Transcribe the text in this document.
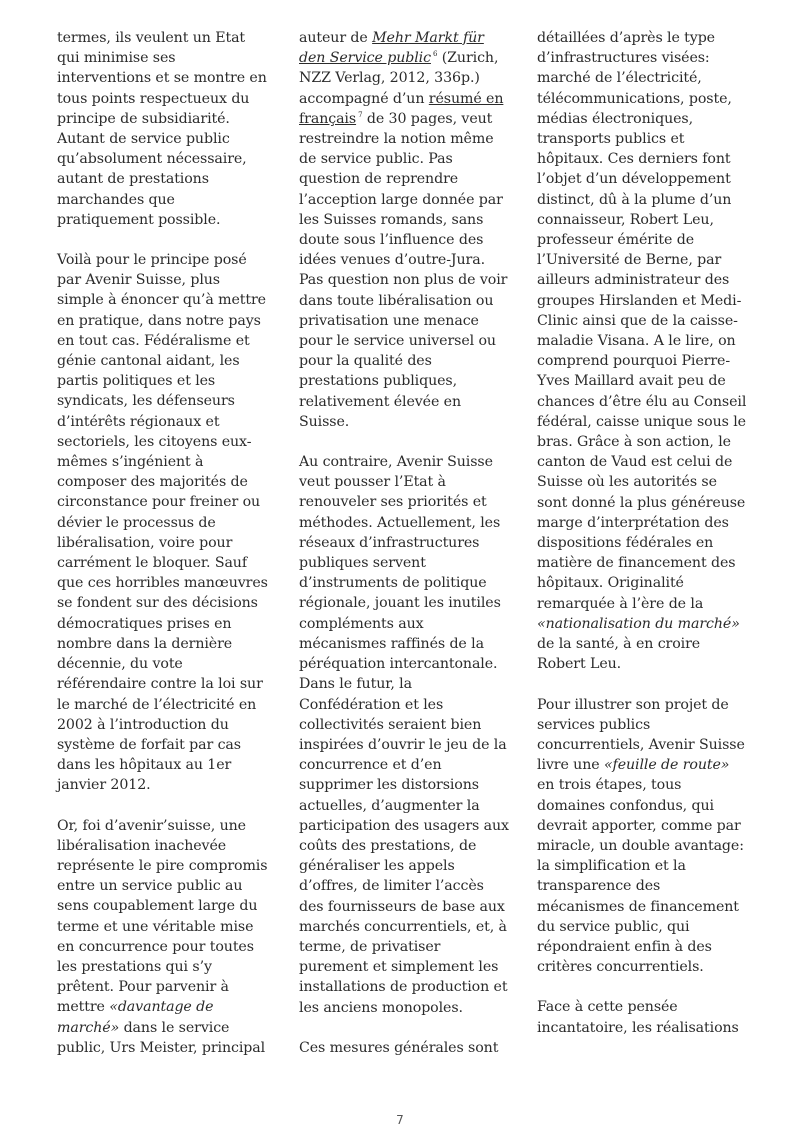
termes, ils veulent un Etat qui minimise ses interventions et se montre en tous points respectueux du principe de subsidiarité. Autant de service public qu’absolument nécessaire, autant de prestations marchandes que pratiquement possible.

Voilà pour le principe posé par Avenir Suisse, plus simple à énoncer qu’à mettre en pratique, dans notre pays en tout cas. Fédéralisme et génie cantonal aidant, les partis politiques et les syndicats, les défenseurs d’intérêts régionaux et sectoriels, les citoyens eux-mêmes s’ingénient à composer des majorités de circonstance pour freiner ou dévier le processus de libéralisation, voire pour carrément le bloquer. Sauf que ces horribles manœuvres se fondent sur des décisions démocratiques prises en nombre dans la dernière décennie, du vote référendaire contre la loi sur le marché de l’électricité en 2002 à l’introduction du système de forfait par cas dans les hôpitaux au 1er janvier 2012.

Or, foi d’avenir’suisse, une libéralisation inachevée représente le pire compromis entre un service public au sens coupablement large du terme et une véritable mise en concurrence pour toutes les prestations qui s’y prêtent. Pour parvenir à mettre «davantage de marché» dans le service public, Urs Meister, principal

auteur de Mehr Markt für den Service public $^6$ (Zurich, NZZ Verlag, 2012, 336p.) accompagné d’un résumé en français $^7$ de 30 pages, veut restreindre la notion même de service public. Pas question de reprendre l’acception large donnée par les Suisses romands, sans doute sous l’influence des idées venues d’outre-Jura. Pas question non plus de voir dans toute libéralisation ou privatisation une menace pour le service universel ou pour la qualité des prestations publiques, relativement élevée en Suisse.

Au contraire, Avenir Suisse veut pousser l’Etat à renouveler ses priorités et méthodes. Actuellement, les réseaux d’infrastructures publiques servent d’instruments de politique régionale, jouant les inutiles compléments aux mécanismes raffinés de la péréquation intercantonale. Dans le futur, la Confédération et les collectivités seraient bien inspirées d’ouvrir le jeu de la concurrence et d’en supprimer les distorsions actuelles, d’augmenter la participation des usagers aux coûts des prestations, de généraliser les appels d’offres, de limiter l’accès des fournisseurs de base aux marchés concurrentiels, et, à terme, de privatiser purement et simplement les installations de production et les anciens monopoles.

Ces mesures générales sont

détaillées d’après le type d’infrastructures visées: marché de l’électricité, télécommunications, poste, médias électroniques, transports publics et hôpitaux. Ces derniers font l’objet d’un développement distinct, dû à la plume d’un connaisseur, Robert Leu, professeur émérite de l’Université de Berne, par ailleurs administrateur des groupes Hirslanden et Medi-Clinic ainsi que de la caisse-maladie Visana. A le lire, on comprend pourquoi Pierre-Yves Maillard avait peu de chances d’être élu au Conseil fédéral, caisse unique sous le bras. Grâce à son action, le canton de Vaud est celui de Suisse où les autorités se sont donné la plus généreuse marge d’interprétation des dispositions fédérales en matière de financement des hôpitaux. Originalité remarquée à l’ère de la «nationalisation du marché» de la santé, à en croire Robert Leu.

Pour illustrer son projet de services publics concurrentiels, Avenir Suisse livre une «feuille de route» en trois étapes, tous domaines confondus, qui devrait apporter, comme par miracle, un double avantage: la simplification et la transparence des mécanismes de financement du service public, qui répondraient enfin à des critères concurrentiels.

Face à cette pensée incantatoire, les réalisations

7
